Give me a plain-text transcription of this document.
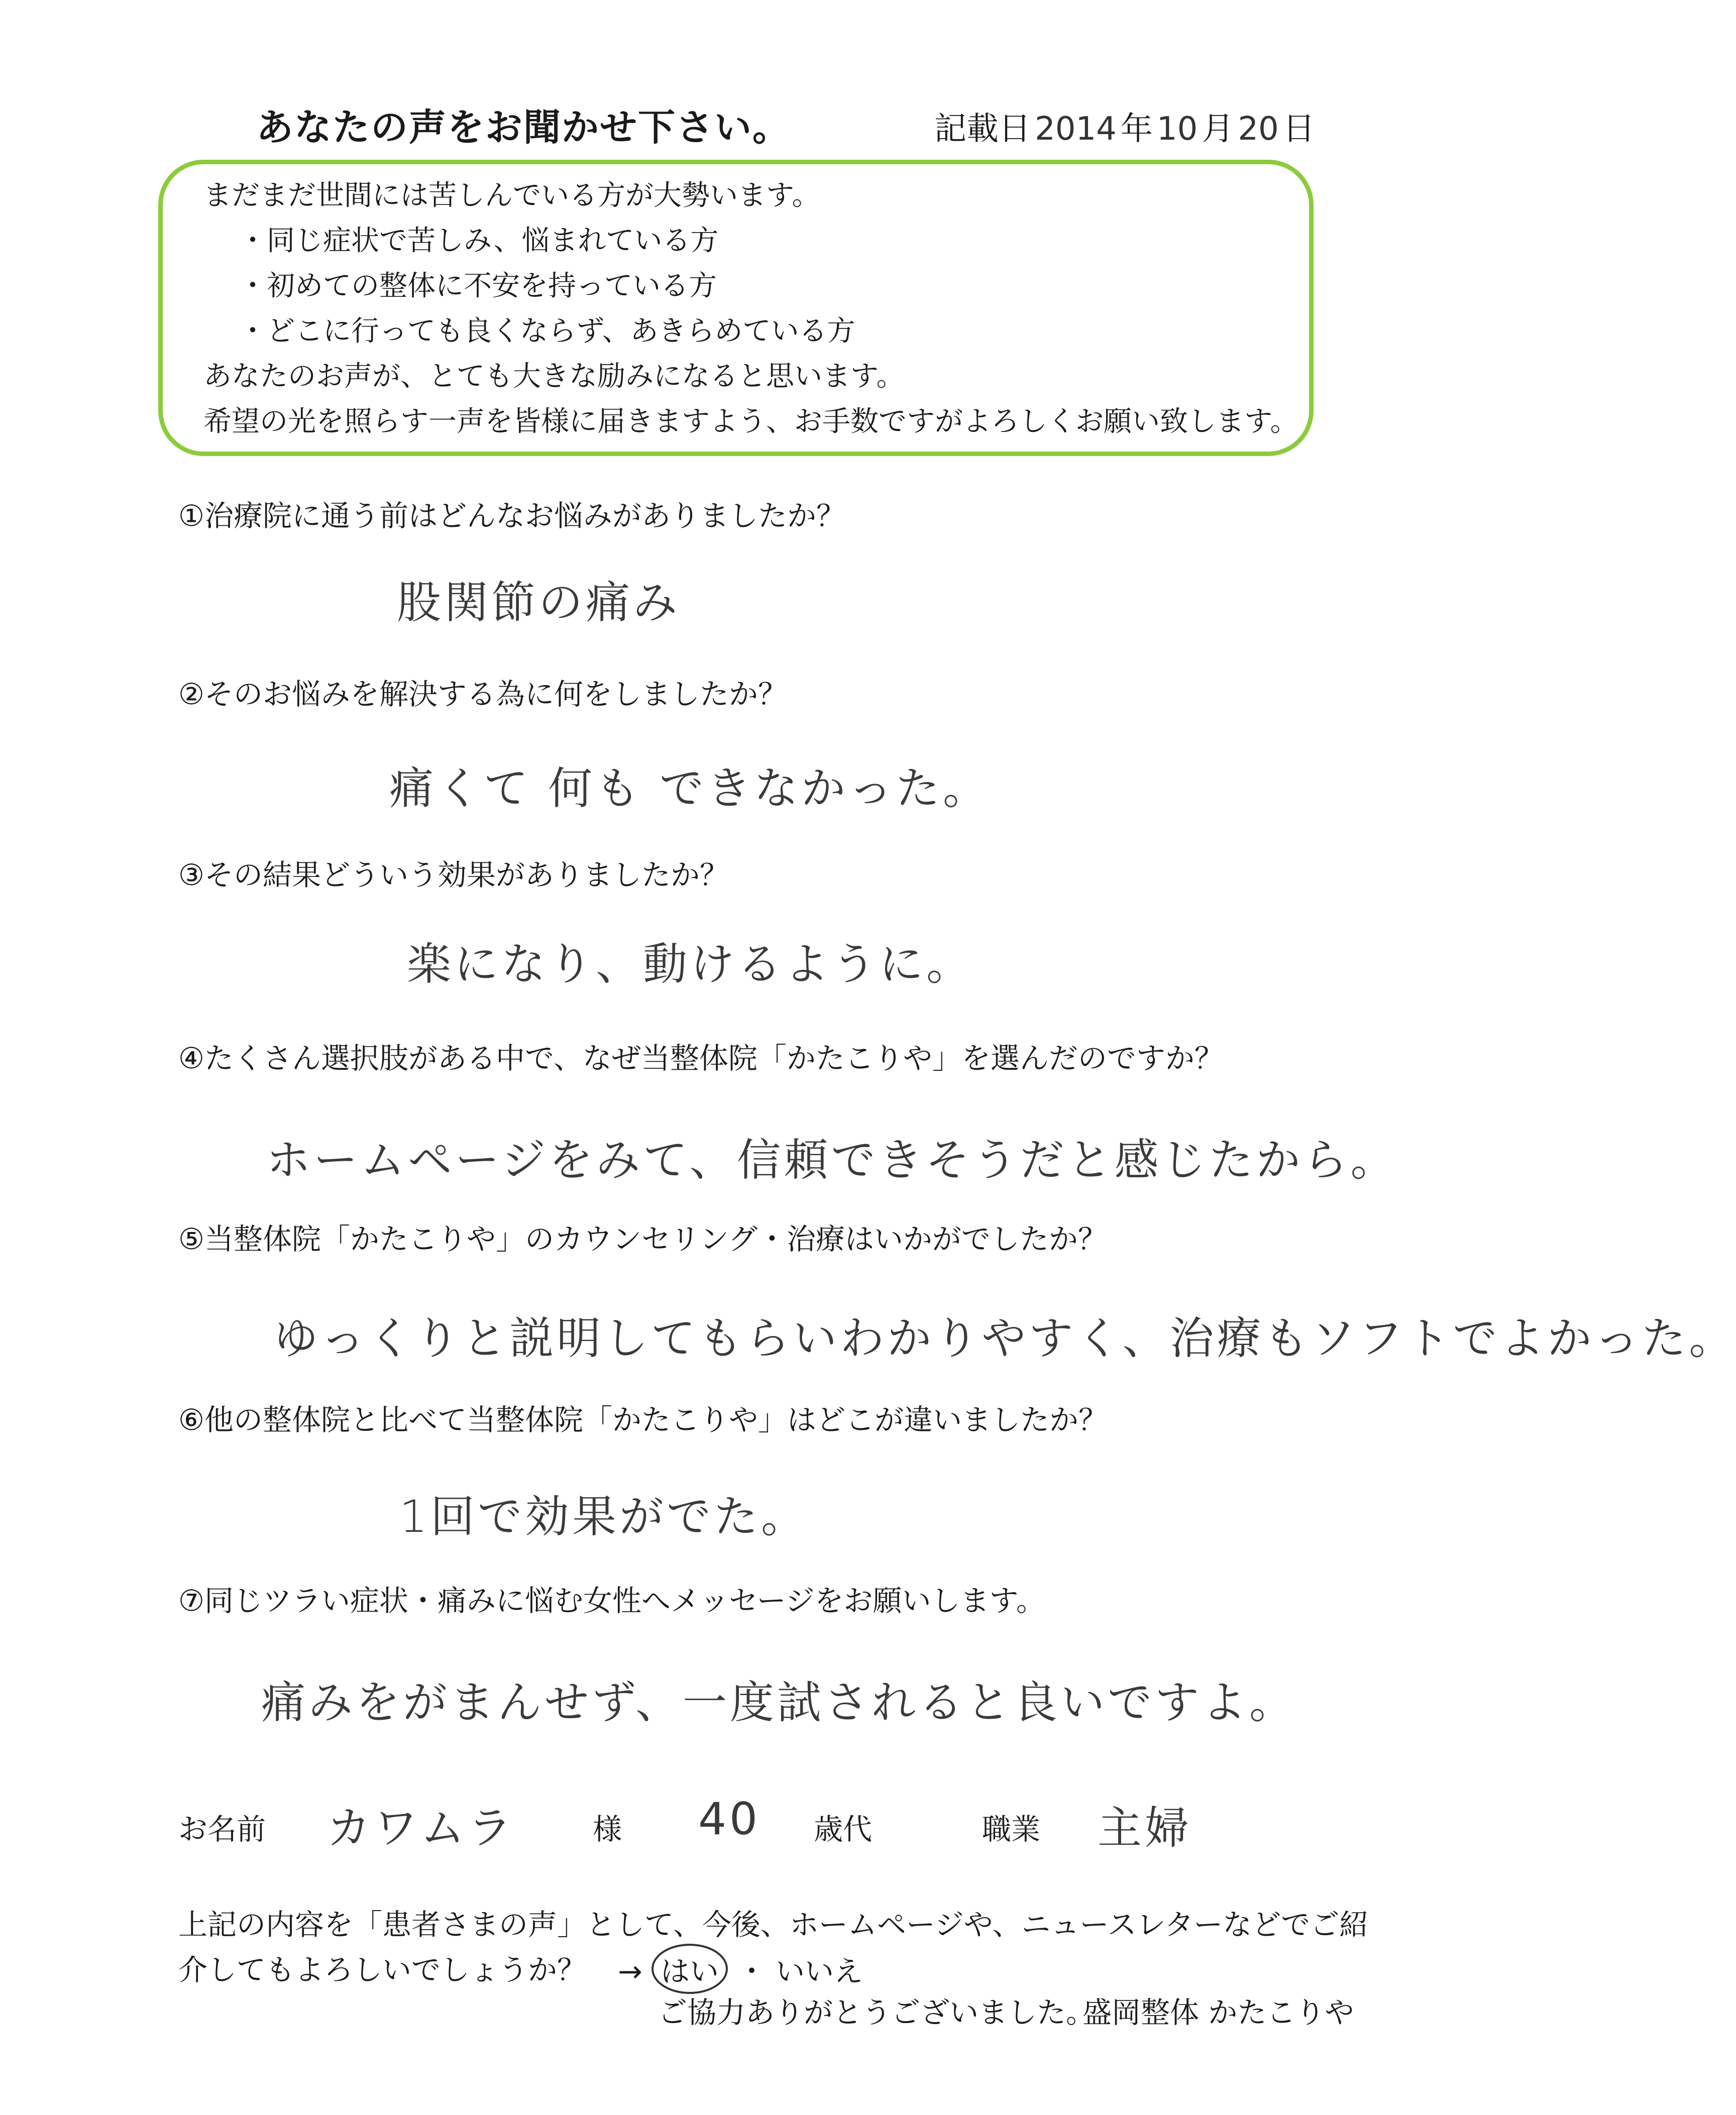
あなたの声をお聞かせ下さい。	記載日 2014 年 10 月 20 日
まだまだ世間には苦しんでいる方が大勢います。
・同じ症状で苦しみ、悩まれている方
・初めての整体に不安を持っている方
・どこに行っても良くならず、あきらめている方
あなたのお声が、とても大きな励みになると思います。
希望の光を照らす一声を皆様に届きますよう、お手数ですがよろしくお願い致します。
①治療院に通う前はどんなお悩みがありましたか？
股関節の痛み
②そのお悩みを解決する為に何をしましたか？
痛くて 何も できなかった。
③その結果どういう効果がありましたか？
楽になり、動けるように。
④たくさん選択肢がある中で、なぜ当整体院「かたこりや」を選んだのですか？
ホームページをみて、信頼できそうだと感じたから。
⑤当整体院「かたこりや」のカウンセリング・治療はいかがでしたか？
ゆっくりと説明してもらいわかりやすく、治療もソフトでよかった。
⑥他の整体院と比べて当整体院「かたこりや」はどこが違いましたか？
1回で効果がでた。
⑦同じツラい症状・痛みに悩む女性へメッセージをお願いします。
痛みをがまんせず、一度試されると良いですよ。
お名前 カワムラ	様 40 歳代	職業 主婦
上記の内容を「患者さまの声」として、今後、ホームページや、ニュースレターなどでご紹
介してもよろしいでしょうか？ → はい ・ いいえ
ご協力ありがとうございました。
盛岡整体 かたこりや
